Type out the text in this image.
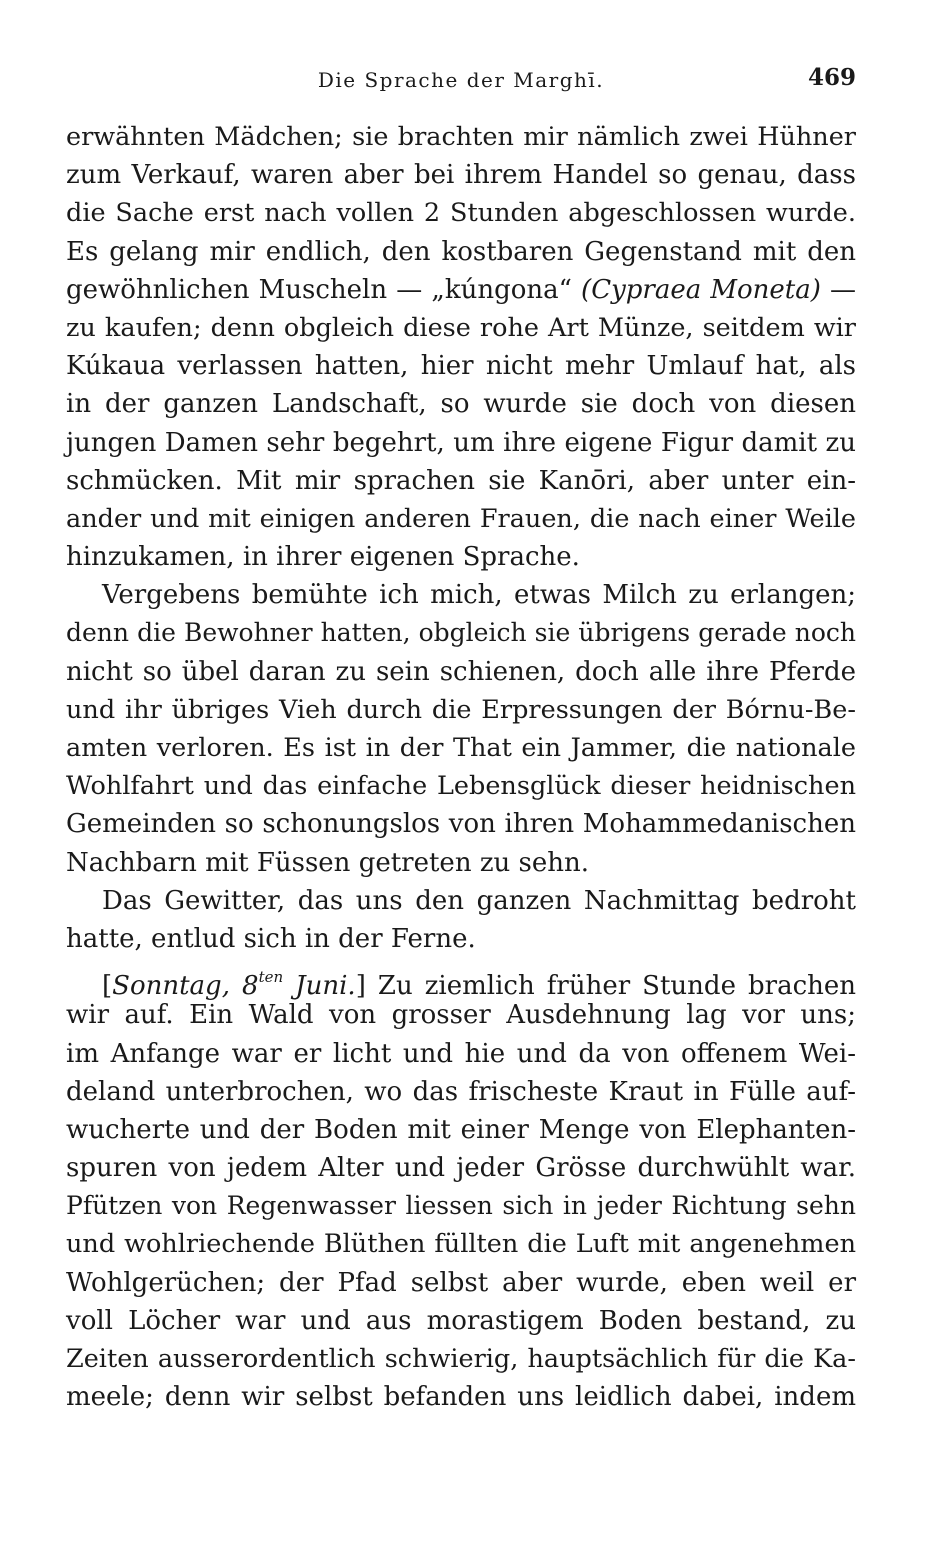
Die Sprache der Marghī.	469
erwähnten Mädchen; sie brachten mir nämlich zwei Hühner
zum Verkauf, waren aber bei ihrem Handel so genau, dass
die Sache erst nach vollen 2 Stunden abgeschlossen wurde.
Es gelang mir endlich, den kostbaren Gegenstand mit den
gewöhnlichen Muscheln — „kúngona“ (Cypraea Moneta) —
zu kaufen; denn obgleich diese rohe Art Münze, seitdem wir
Kúkaua verlassen hatten, hier nicht mehr Umlauf hat, als
in der ganzen Landschaft, so wurde sie doch von diesen
jungen Damen sehr begehrt, um ihre eigene Figur damit zu
schmücken. Mit mir sprachen sie Kanōri, aber unter ein-
ander und mit einigen anderen Frauen, die nach einer Weile
hinzukamen, in ihrer eigenen Sprache.
Vergebens bemühte ich mich, etwas Milch zu erlangen;
denn die Bewohner hatten, obgleich sie übrigens gerade noch
nicht so übel daran zu sein schienen, doch alle ihre Pferde
und ihr übriges Vieh durch die Erpressungen der Bórnu-Be-
amten verloren. Es ist in der That ein Jammer, die nationale
Wohlfahrt und das einfache Lebensglück dieser heidnischen
Gemeinden so schonungslos von ihren Mohammedanischen
Nachbarn mit Füssen getreten zu sehn.
Das Gewitter, das uns den ganzen Nachmittag bedroht
hatte, entlud sich in der Ferne.
[Sonntag, $8^{ten}$ Juni.] Zu ziemlich früher Stunde brachen
wir auf. Ein Wald von grosser Ausdehnung lag vor uns;
im Anfange war er licht und hie und da von offenem Wei-
deland unterbrochen, wo das frischeste Kraut in Fülle auf-
wucherte und der Boden mit einer Menge von Elephanten-
spuren von jedem Alter und jeder Grösse durchwühlt war.
Pfützen von Regenwasser liessen sich in jeder Richtung sehn
und wohlriechende Blüthen füllten die Luft mit angenehmen
Wohlgerüchen; der Pfad selbst aber wurde, eben weil er
voll Löcher war und aus morastigem Boden bestand, zu
Zeiten ausserordentlich schwierig, hauptsächlich für die Ka-
meele; denn wir selbst befanden uns leidlich dabei, indem
